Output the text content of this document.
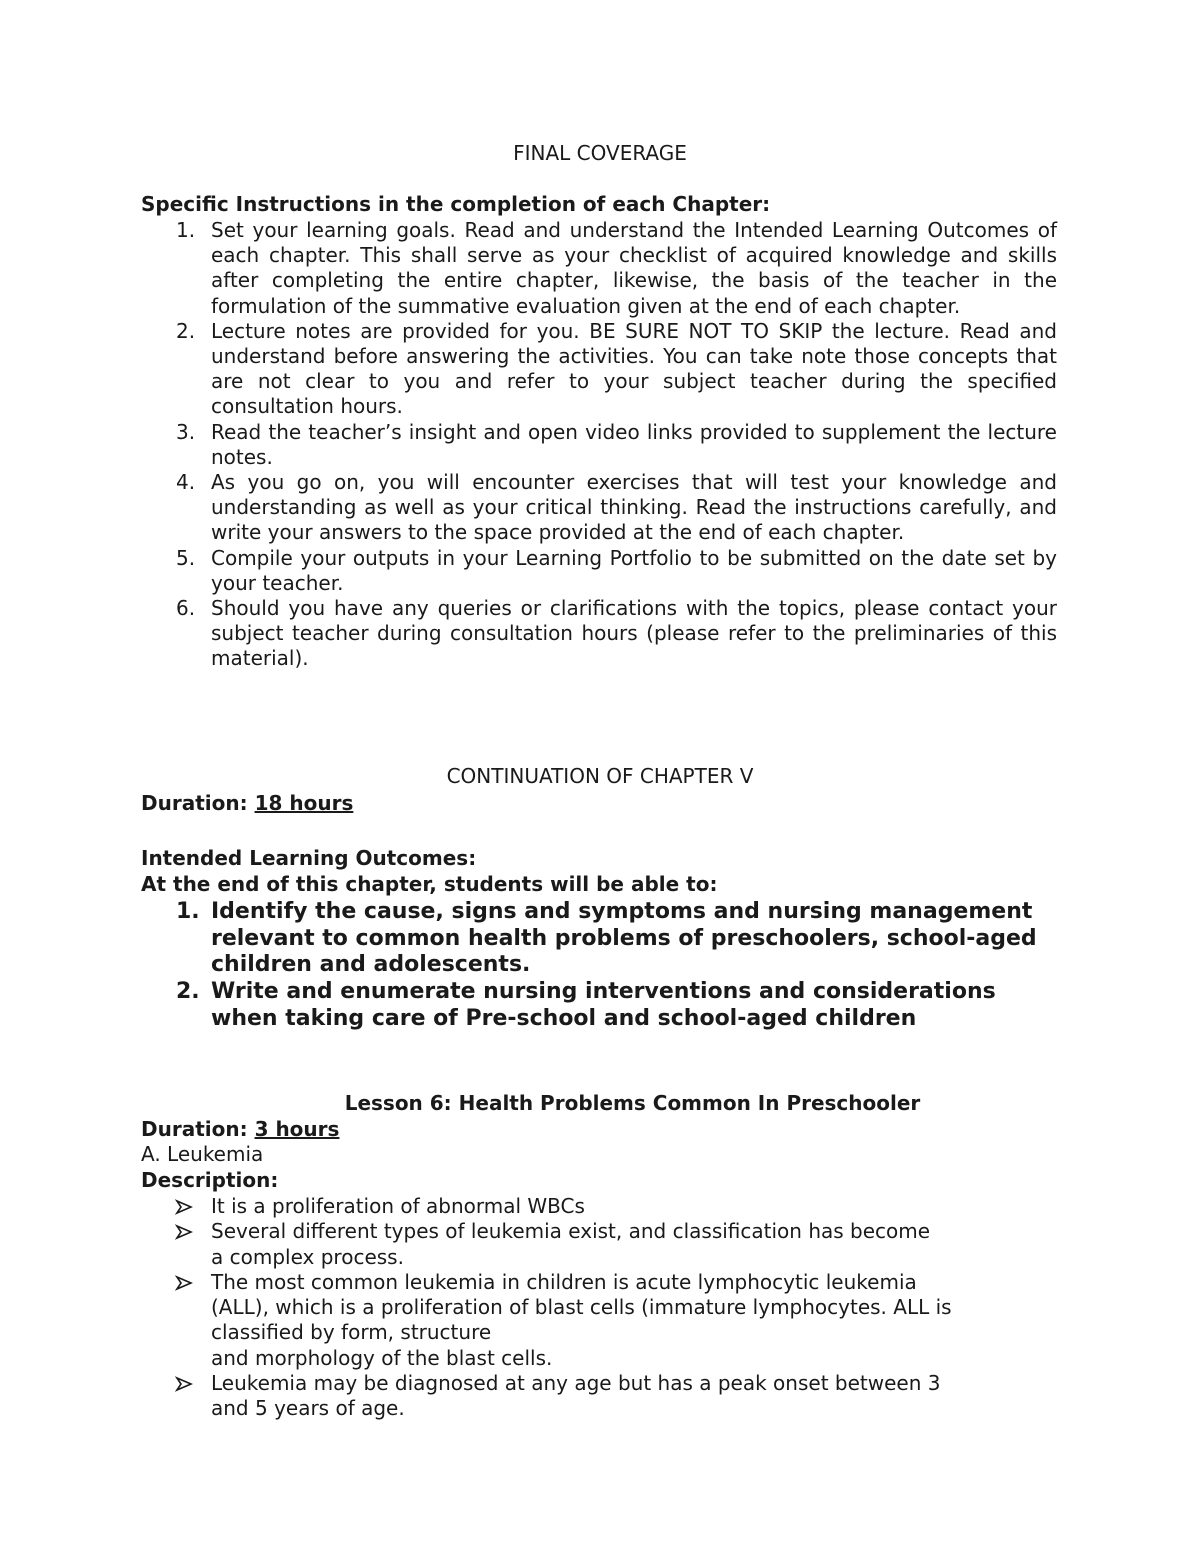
FINAL COVERAGE
Specific Instructions in the completion of each Chapter:
1. Set your learning goals. Read and understand the Intended Learning Outcomes of each chapter. This shall serve as your checklist of acquired knowledge and skills after completing the entire chapter, likewise, the basis of the teacher in the formulation of the summative evaluation given at the end of each chapter.
2. Lecture notes are provided for you. BE SURE NOT TO SKIP the lecture. Read and understand before answering the activities. You can take note those concepts that are not clear to you and refer to your subject teacher during the specified consultation hours.
3. Read the teacher’s insight and open video links provided to supplement the lecture notes.
4. As you go on, you will encounter exercises that will test your knowledge and understanding as well as your critical thinking. Read the instructions carefully, and write your answers to the space provided at the end of each chapter.
5. Compile your outputs in your Learning Portfolio to be submitted on the date set by your teacher.
6. Should you have any queries or clarifications with the topics, please contact your subject teacher during consultation hours (please refer to the preliminaries of this material).
CONTINUATION OF CHAPTER V
Duration: 18 hours
Intended Learning Outcomes:
At the end of this chapter, students will be able to:
1. Identify the cause, signs and symptoms and nursing management relevant to common health problems of preschoolers, school-aged children and adolescents.
2. Write and enumerate nursing interventions and considerations when taking care of Pre-school and school-aged children
Lesson 6: Health Problems Common In Preschooler
Duration: 3 hours
A. Leukemia
Description:
It is a proliferation of abnormal WBCs
Several different types of leukemia exist, and classification has become
a complex process.
The most common leukemia in children is acute lymphocytic leukemia
(ALL), which is a proliferation of blast cells (immature lymphocytes. ALL is
classified by form, structure
and morphology of the blast cells.
Leukemia may be diagnosed at any age but has a peak onset between 3
and 5 years of age.
